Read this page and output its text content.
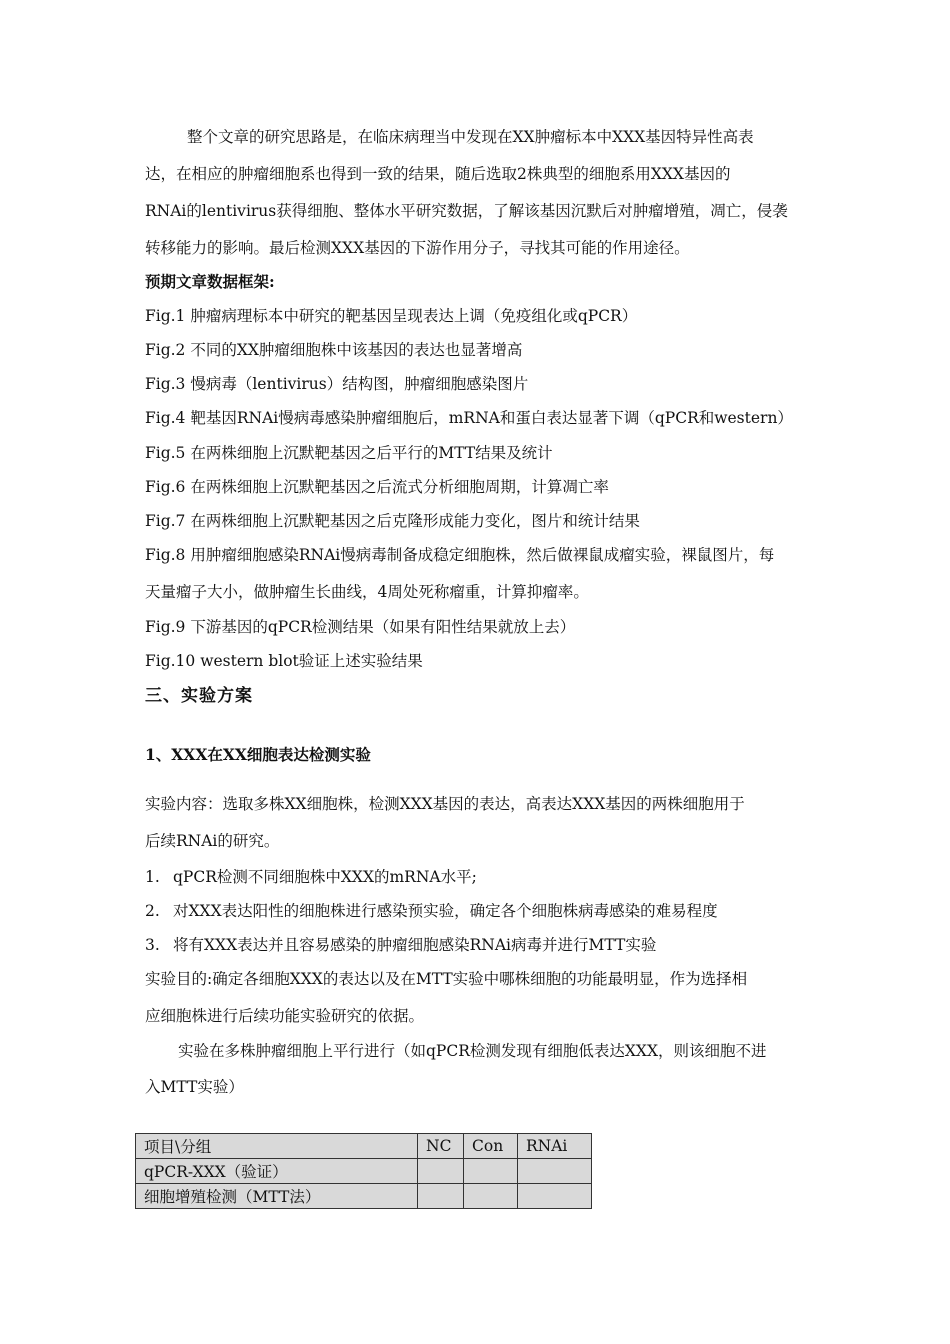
整个文章的研究思路是，在临床病理当中发现在XX肿瘤标本中XXX基因特异性高表
达，在相应的肿瘤细胞系也得到一致的结果，随后选取2株典型的细胞系用XXX基因的
RNAi的lentivirus获得细胞、整体水平研究数据，了解该基因沉默后对肿瘤增殖，凋亡，侵袭
转移能力的影响。最后检测XXX基因的下游作用分子，寻找其可能的作用途径。
预期文章数据框架:
Fig.1 肿瘤病理标本中研究的靶基因呈现表达上调（免疫组化或qPCR）
Fig.2 不同的XX肿瘤细胞株中该基因的表达也显著增高
Fig.3 慢病毒（lentivirus）结构图，肿瘤细胞感染图片
Fig.4 靶基因RNAi慢病毒感染肿瘤细胞后，mRNA和蛋白表达显著下调（qPCR和western）
Fig.5 在两株细胞上沉默靶基因之后平行的MTT结果及统计
Fig.6 在两株细胞上沉默靶基因之后流式分析细胞周期，计算凋亡率
Fig.7 在两株细胞上沉默靶基因之后克隆形成能力变化，图片和统计结果
Fig.8 用肿瘤细胞感染RNAi慢病毒制备成稳定细胞株，然后做裸鼠成瘤实验，裸鼠图片，每
天量瘤子大小，做肿瘤生长曲线，4周处死称瘤重，计算抑瘤率。
Fig.9 下游基因的qPCR检测结果（如果有阳性结果就放上去）
Fig.10 western blot验证上述实验结果
三、实验方案
1、XXX在XX细胞表达检测实验
实验内容：选取多株XX细胞株，检测XXX基因的表达，高表达XXX基因的两株细胞用于
后续RNAi的研究。
1. qPCR检测不同细胞株中XXX的mRNA水平;
2. 对XXX表达阳性的细胞株进行感染预实验，确定各个细胞株病毒感染的难易程度
3. 将有XXX表达并且容易感染的肿瘤细胞感染RNAi病毒并进行MTT实验
实验目的:确定各细胞XXX的表达以及在MTT实验中哪株细胞的功能最明显，作为选择相
应细胞株进行后续功能实验研究的依据。
实验在多株肿瘤细胞上平行进行（如qPCR检测发现有细胞低表达XXX，则该细胞不进
入MTT实验）
项目\分组	NC	Con	RNAi
qPCR-XXX（验证）			
细胞增殖检测（MTT法）			
